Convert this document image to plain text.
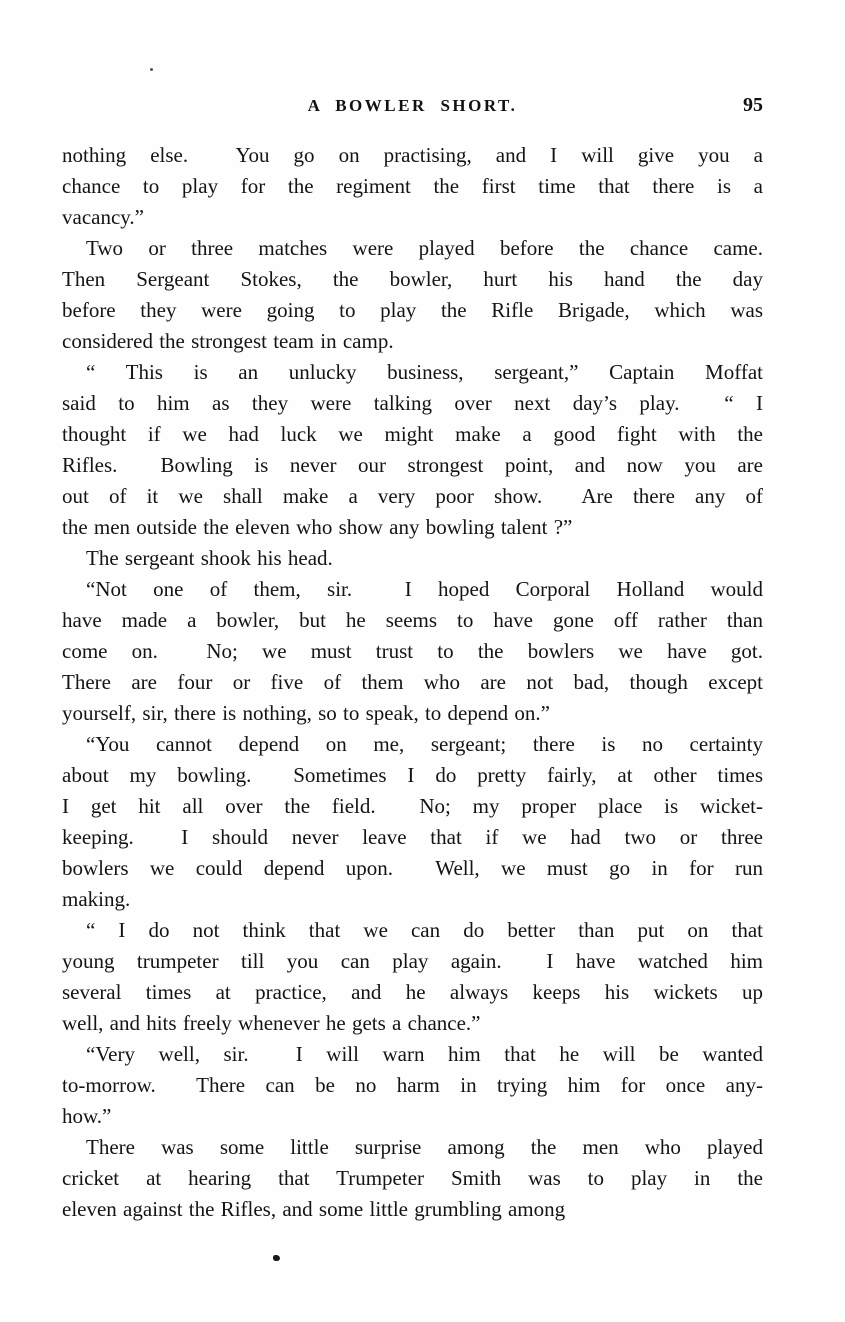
A BOWLER SHORT.	95
nothing else.  You go on practising, and I will give you a
chance to play for the regiment the first time that there is a
vacancy.”
Two or three matches were played before the chance came.
Then Sergeant Stokes, the bowler, hurt his hand the day
before they were going to play the Rifle Brigade, which was
considered the strongest team in camp.
“ This is an unlucky business, sergeant,” Captain Moffat
said to him as they were talking over next day’s play.  “ I
thought if we had luck we might make a good fight with the
Rifles.  Bowling is never our strongest point, and now you are
out of it we shall make a very poor show.  Are there any of
the men outside the eleven who show any bowling talent ?”
The sergeant shook his head.
“Not one of them, sir.  I hoped Corporal Holland would
have made a bowler, but he seems to have gone off rather than
come on.  No; we must trust to the bowlers we have got.
There are four or five of them who are not bad, though except
yourself, sir, there is nothing, so to speak, to depend on.”
“You cannot depend on me, sergeant; there is no certainty
about my bowling.  Sometimes I do pretty fairly, at other times
I get hit all over the field.  No; my proper place is wicket-
keeping.  I should never leave that if we had two or three
bowlers we could depend upon.  Well, we must go in for run
making.
“ I do not think that we can do better than put on that
young trumpeter till you can play again.  I have watched him
several times at practice, and he always keeps his wickets up
well, and hits freely whenever he gets a chance.”
“Very well, sir.  I will warn him that he will be wanted
to-morrow.  There can be no harm in trying him for once any-
how.”
There was some little surprise among the men who played
cricket at hearing that Trumpeter Smith was to play in the
eleven against the Rifles, and some little grumbling among
